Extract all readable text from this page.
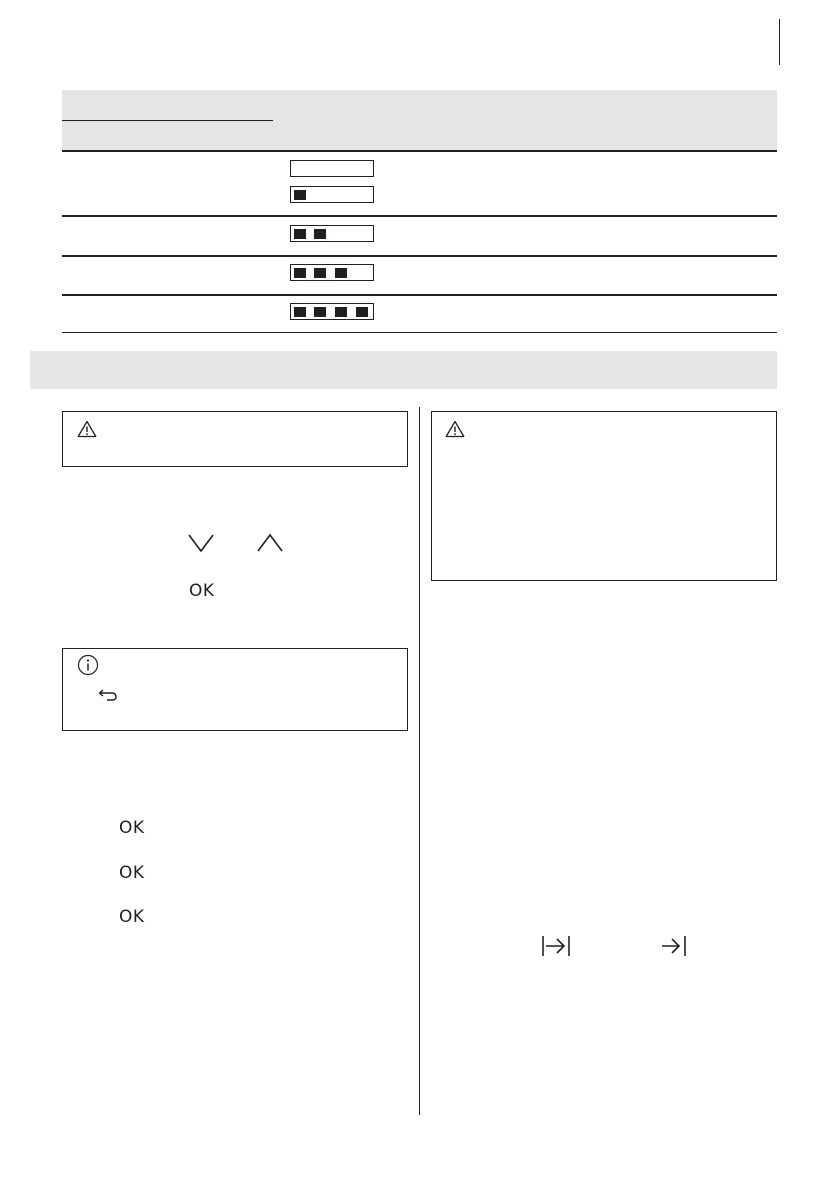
OK
OK
OK
OK
